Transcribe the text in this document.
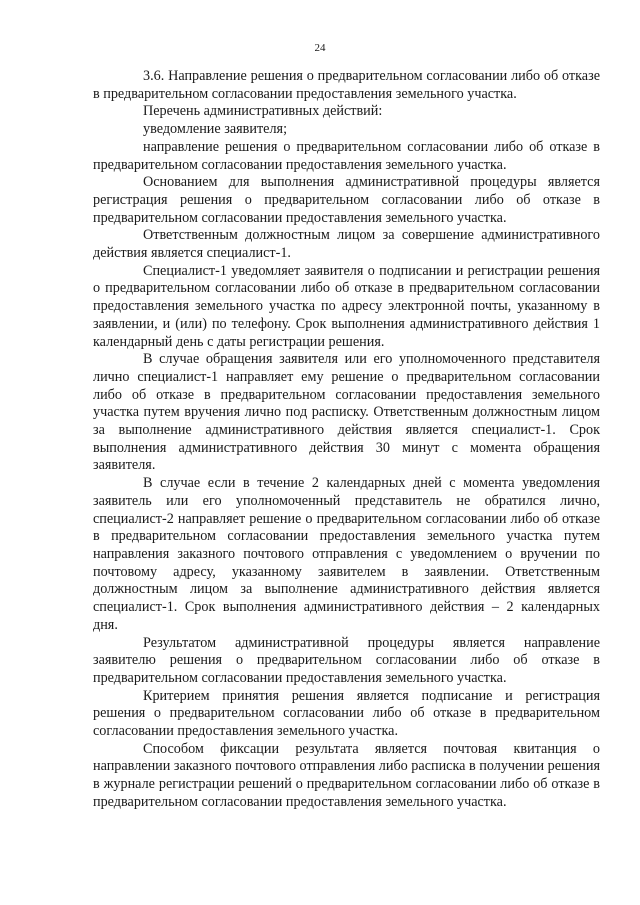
24

3.6. Направление решения о предварительном согласовании либо об отказе в предварительном согласовании предоставления земельного участка.

Перечень административных действий:

уведомление заявителя;

направление решения о предварительном согласовании либо об отказе в предварительном согласовании предоставления земельного участка.

Основанием для выполнения административной процедуры является регистрация решения о предварительном согласовании либо об отказе в предварительном согласовании предоставления земельного участка.

Ответственным должностным лицом за совершение административного действия является специалист-1.

Специалист-1 уведомляет заявителя о подписании и регистрации решения о предварительном согласовании либо об отказе в предварительном согласовании предоставления земельного участка по адресу электронной почты, указанному в заявлении, и (или) по телефону. Срок выполнения административного действия 1 календарный день с даты регистрации решения.

В случае обращения заявителя или его уполномоченного представителя лично специалист-1 направляет ему решение о предварительном согласовании либо об отказе в предварительном согласовании предоставления земельного участка путем вручения лично под расписку. Ответственным должностным лицом за выполнение административного действия является специалист-1. Срок выполнения административного действия 30 минут с момента обращения заявителя.

В случае если в течение 2 календарных дней с момента уведомления заявитель или его уполномоченный представитель не обратился лично, специалист-2 направляет решение о предварительном согласовании либо об отказе в предварительном согласовании предоставления земельного участка путем направления заказного почтового отправления с уведомлением о вручении по почтовому адресу, указанному заявителем в заявлении. Ответственным должностным лицом за выполнение административного действия является специалист-1. Срок выполнения административного действия – 2 календарных дня.

Результатом административной процедуры является направление заявителю решения о предварительном согласовании либо об отказе в предварительном согласовании предоставления земельного участка.

Критерием принятия решения является подписание и регистрация решения о предварительном согласовании либо об отказе в предварительном согласовании предоставления земельного участка.

Способом фиксации результата является почтовая квитанция о направлении заказного почтового отправления либо расписка в получении решения в журнале регистрации решений о предварительном согласовании либо об отказе в предварительном согласовании предоставления земельного участка.
